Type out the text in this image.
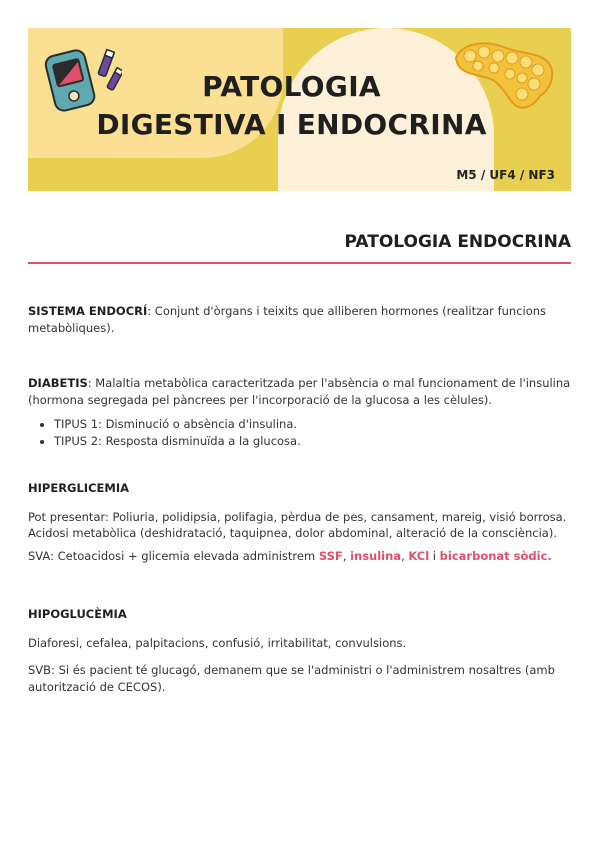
PATOLOGIA
DIGESTIVA I ENDOCRINA
M5 / UF4 / NF3
PATOLOGIA ENDOCRINA

SISTEMA ENDOCRÍ: Conjunt d'òrgans i teixits que alliberen hormones (realitzar funcions metabòliques).

DIABETIS: Malaltia metabòlica caracteritzada per l'absència o mal funcionament de l'insulina (hormona segregada pel pàncrees per l'incorporació de la glucosa a les cèlules).

• TIPUS 1: Disminució o absència d'insulina.
• TIPUS 2: Resposta disminuïda a la glucosa.

HIPERGLICEMIA

Pot presentar: Poliuria, polidipsia, polifagia, pèrdua de pes, cansament, mareig, visió borrosa. Acidosi metabòlica (deshidratació, taquipnea, dolor abdominal, alteració de la consciència).

SVA: Cetoacidosi + glicemia elevada administrem SSF, insulina, KCl i bicarbonat sòdic.

HIPOGLUCÈMIA

Diaforesi, cefalea, palpitacions, confusió, irritabilitat, convulsions.

SVB: Si és pacient té glucagó, demanem que se l'administri o l'administrem nosaltres (amb autorització de CECOS).
